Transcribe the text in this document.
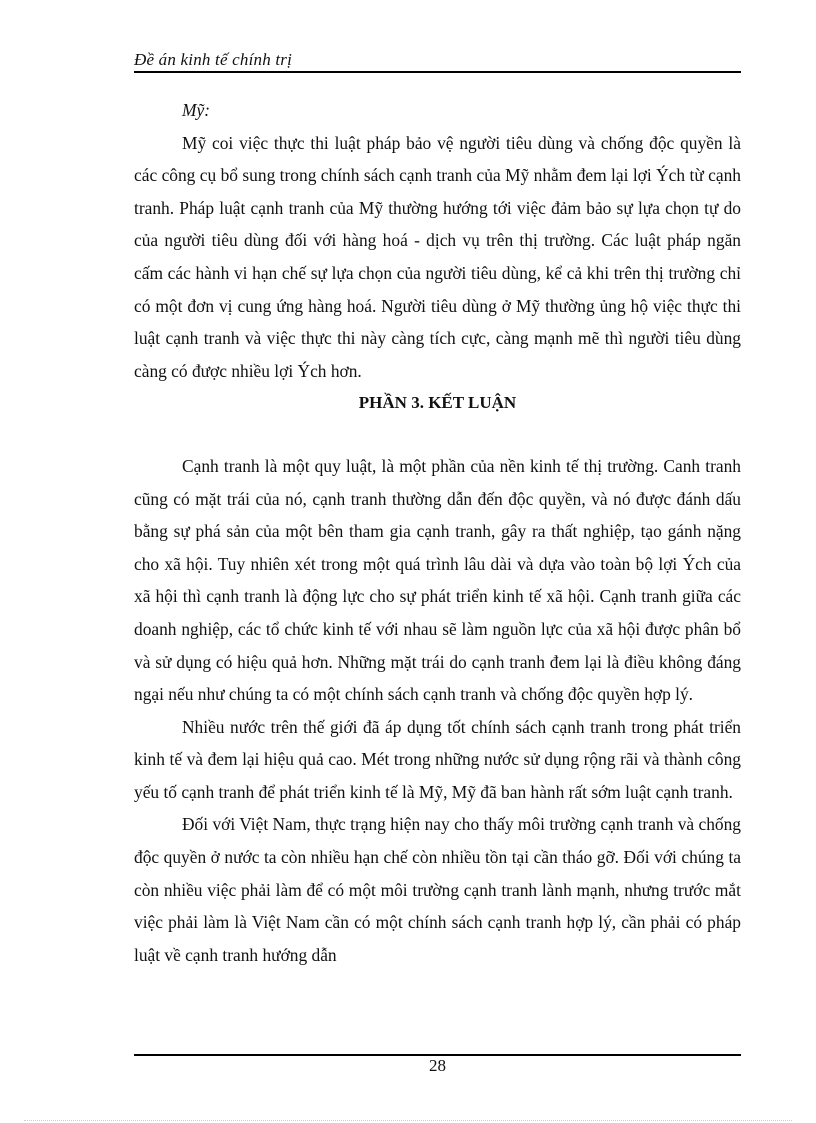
Đề án kinh tế chính trị

Mỹ:

Mỹ coi việc thực thi luật pháp bảo vệ người tiêu dùng và chống độc quyền là các công cụ bổ sung trong chính sách cạnh tranh của Mỹ nhằm đem lại lợi Ých từ cạnh tranh. Pháp luật cạnh tranh của Mỹ thường hướng tới việc đảm bảo sự lựa chọn tự do của người tiêu dùng đối với hàng hoá - dịch vụ trên thị trường. Các luật pháp ngăn cấm các hành vi hạn chế sự lựa chọn của người tiêu dùng, kể cả khi trên thị trường chỉ có một đơn vị cung ứng hàng hoá. Người tiêu dùng ở Mỹ thường ủng hộ việc thực thi luật cạnh tranh và việc thực thi này càng tích cực, càng mạnh mẽ thì người tiêu dùng càng có được nhiều lợi Ých hơn.

PHẦN 3. KẾT LUẬN

Cạnh tranh là một quy luật, là một phần của nền kinh tế thị trường. Canh tranh cũng có mặt trái của nó, cạnh tranh thường dẫn đến độc quyền, và nó được đánh dấu bằng sự phá sản của một bên tham gia cạnh tranh, gây ra thất nghiệp, tạo gánh nặng cho xã hội. Tuy nhiên xét trong một quá trình lâu dài và dựa vào toàn bộ lợi Ých của xã hội thì cạnh tranh là động lực cho sự phát triển kinh tế xã hội. Cạnh tranh giữa các doanh nghiệp, các tổ chức kinh tế với nhau sẽ làm nguồn lực của xã hội được phân bổ và sử dụng có hiệu quả hơn. Những mặt trái do cạnh tranh đem lại là điều không đáng ngại nếu như chúng ta có một chính sách cạnh tranh và chống độc quyền hợp lý.

Nhiều nước trên thế giới đã áp dụng tốt chính sách cạnh tranh trong phát triển kinh tế và đem lại hiệu quả cao. Mét trong những nước sử dụng rộng rãi và thành công yếu tố cạnh tranh để phát triển kinh tế là Mỹ, Mỹ đã ban hành rất sớm luật cạnh tranh.

Đối với Việt Nam, thực trạng hiện nay cho thấy môi trường cạnh tranh và chống độc quyền ở nước ta còn nhiều hạn chế còn nhiều tồn tại cần tháo gỡ. Đối với chúng ta còn nhiều việc phải làm để có một môi trường cạnh tranh lành mạnh, nhưng trước mắt việc phải làm là Việt Nam cần có một chính sách cạnh tranh hợp lý, cần phải có pháp luật về cạnh tranh hướng dẫn

28
